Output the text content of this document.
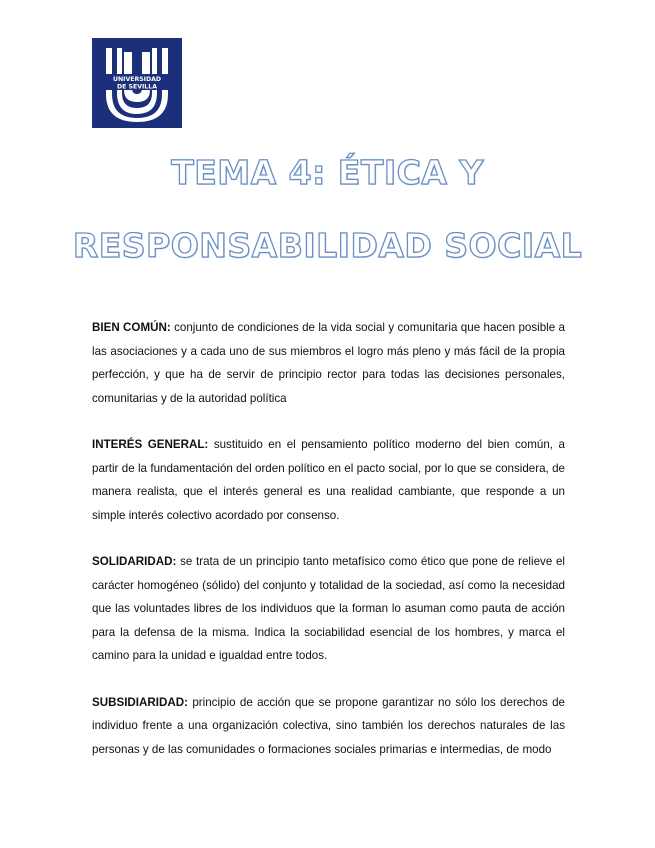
UNIVERSIDAD
DE SEVILLA
TEMA 4: ÉTICA Y
RESPONSABILIDAD SOCIAL

BIEN COMÚN: conjunto de condiciones de la vida social y comunitaria que hacen posible a las asociaciones y a cada uno de sus miembros el logro más pleno y más fácil de la propia perfección, y que ha de servir de principio rector para todas las decisiones personales, comunitarias y de la autoridad política

INTERÉS GENERAL: sustituido en el pensamiento político moderno del bien común, a partir de la fundamentación del orden político en el pacto social, por lo que se considera, de manera realista, que el interés general es una realidad cambiante, que responde a un simple interés colectivo acordado por consenso.

SOLIDARIDAD: se trata de un principio tanto metafísico como ético que pone de relieve el carácter homogéneo (sólido) del conjunto y totalidad de la sociedad, así como la necesidad que las voluntades libres de los individuos que la forman lo asuman como pauta de acción para la defensa de la misma. Indica la sociabilidad esencial de los hombres, y marca el camino para la unidad e igualdad entre todos.

SUBSIDIARIDAD: principio de acción que se propone garantizar no sólo los derechos de individuo frente a una organización colectiva, sino también los derechos naturales de las personas y de las comunidades o formaciones sociales primarias e intermedias, de modo
